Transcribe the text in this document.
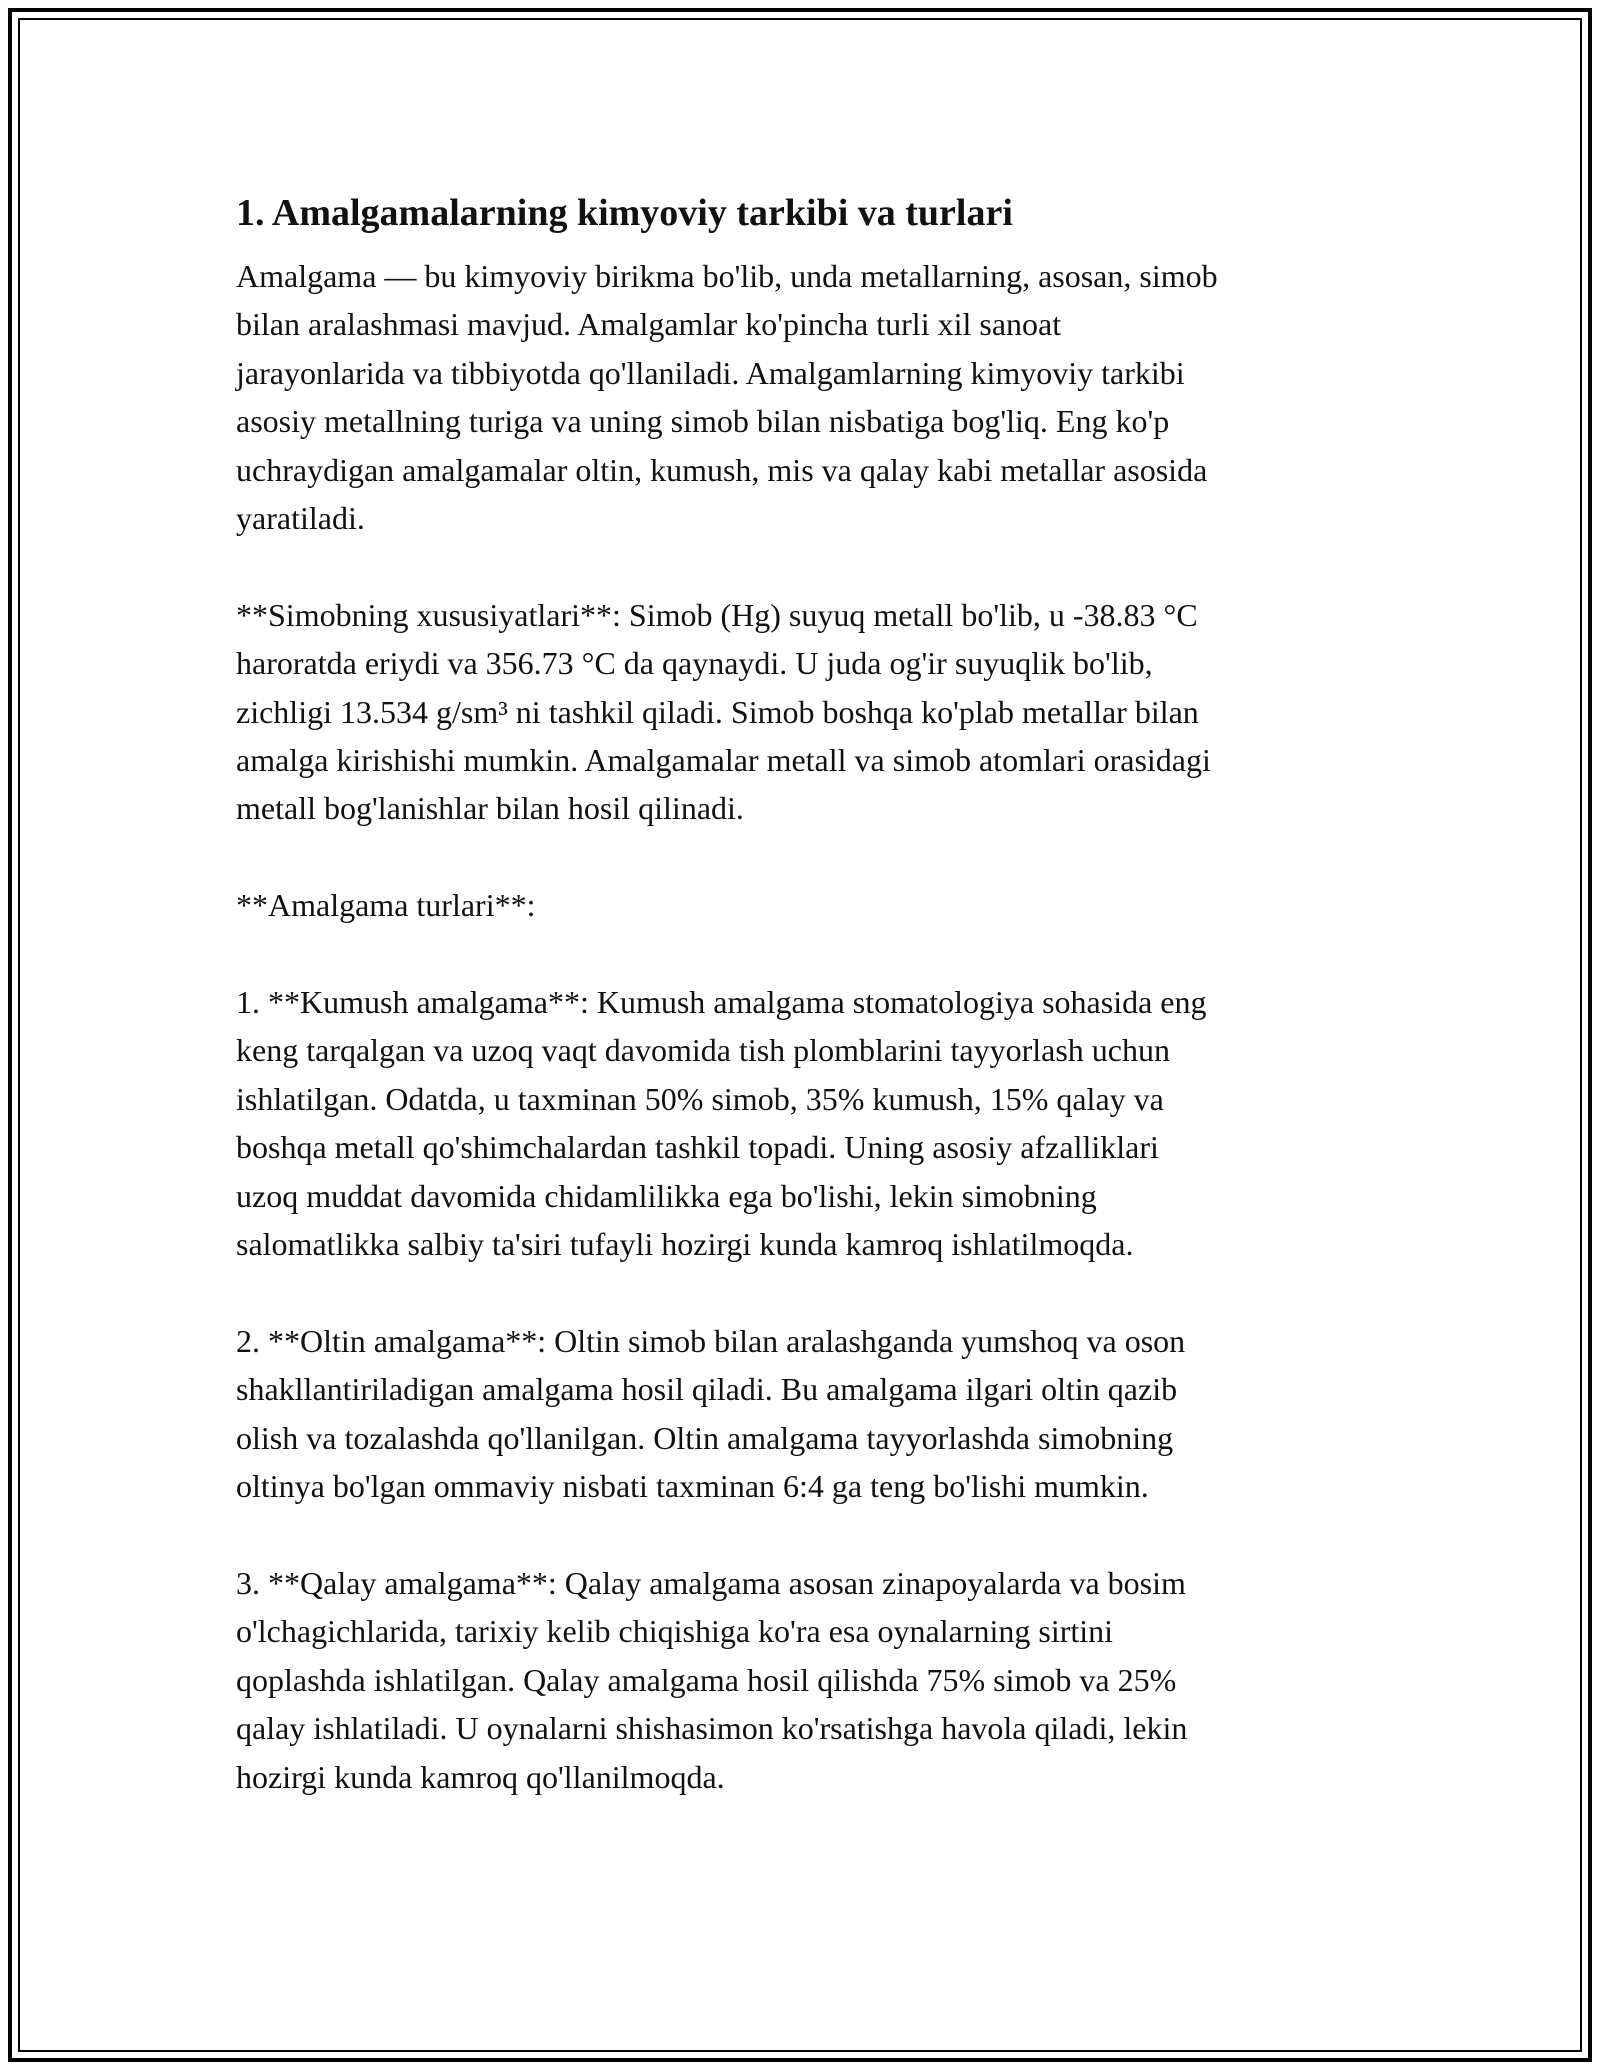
1. Amalgamalarning kimyoviy tarkibi va turlari

Amalgama — bu kimyoviy birikma bo'lib, unda metallarning, asosan, simob
bilan aralashmasi mavjud. Amalgamlar ko'pincha turli xil sanoat
jarayonlarida va tibbiyotda qo'llaniladi. Amalgamlarning kimyoviy tarkibi
asosiy metallning turiga va uning simob bilan nisbatiga bog'liq. Eng ko'p
uchraydigan amalgamalar oltin, kumush, mis va qalay kabi metallar asosida
yaratiladi.

**Simobning xususiyatlari**: Simob (Hg) suyuq metall bo'lib, u -38.83 °C
haroratda eriydi va 356.73 °C da qaynaydi. U juda og'ir suyuqlik bo'lib,
zichligi 13.534 g/sm³ ni tashkil qiladi. Simob boshqa ko'plab metallar bilan
amalga kirishishi mumkin. Amalgamalar metall va simob atomlari orasidagi
metall bog'lanishlar bilan hosil qilinadi.

**Amalgama turlari**:

1. **Kumush amalgama**: Kumush amalgama stomatologiya sohasida eng
keng tarqalgan va uzoq vaqt davomida tish plomblarini tayyorlash uchun
ishlatilgan. Odatda, u taxminan 50% simob, 35% kumush, 15% qalay va
boshqa metall qo'shimchalardan tashkil topadi. Uning asosiy afzalliklari
uzoq muddat davomida chidamlilikka ega bo'lishi, lekin simobning
salomatlikka salbiy ta'siri tufayli hozirgi kunda kamroq ishlatilmoqda.

2. **Oltin amalgama**: Oltin simob bilan aralashganda yumshoq va oson
shakllantiriladigan amalgama hosil qiladi. Bu amalgama ilgari oltin qazib
olish va tozalashda qo'llanilgan. Oltin amalgama tayyorlashda simobning
oltinya bo'lgan ommaviy nisbati taxminan 6:4 ga teng bo'lishi mumkin.

3. **Qalay amalgama**: Qalay amalgama asosan zinapoyalarda va bosim
o'lchagichlarida, tarixiy kelib chiqishiga ko'ra esa oynalarning sirtini
qoplashda ishlatilgan. Qalay amalgama hosil qilishda 75% simob va 25%
qalay ishlatiladi. U oynalarni shishasimon ko'rsatishga havola qiladi, lekin
hozirgi kunda kamroq qo'llanilmoqda.
